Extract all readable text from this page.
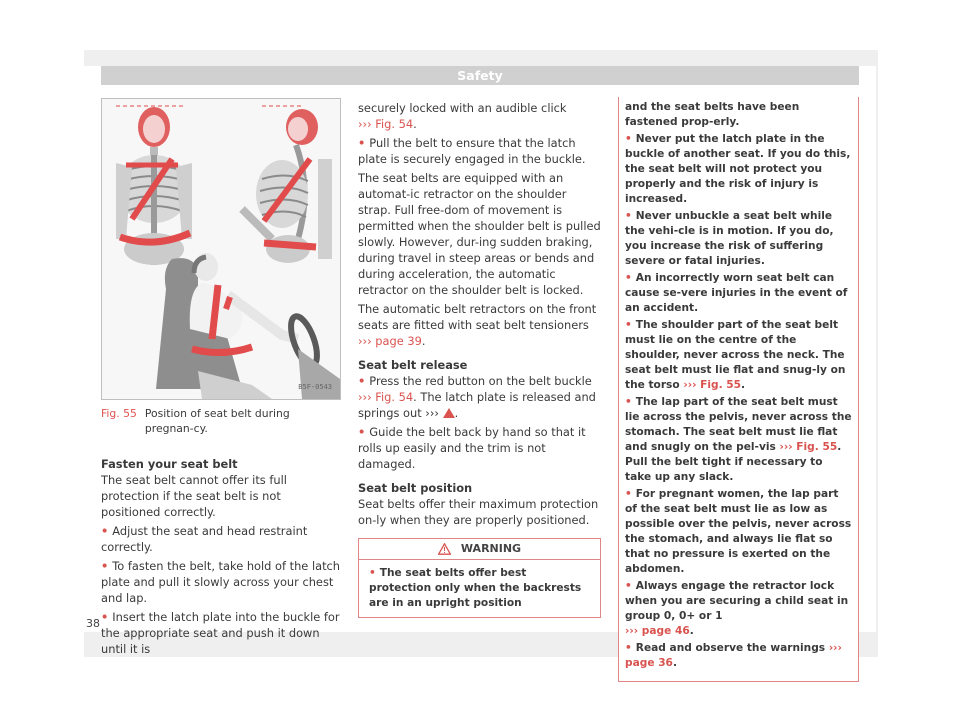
Safety
B5F-0543
Fig. 55 Position of seat belt during pregnan-cy.
Fasten your seat belt

The seat belt cannot offer its full protection if the seat belt is not positioned correctly.

• Adjust the seat and head restraint correctly.

• To fasten the belt, take hold of the latch plate and pull it slowly across your chest and lap.

• Insert the latch plate into the buckle for the appropriate seat and push it down until it is

securely locked with an audible click
››› Fig. 54.

• Pull the belt to ensure that the latch plate is securely engaged in the buckle.

The seat belts are equipped with an automat-ic retractor on the shoulder strap. Full free-dom of movement is permitted when the shoulder belt is pulled slowly. However, dur-ing sudden braking, during travel in steep areas or bends and during acceleration, the automatic retractor on the shoulder belt is locked.

The automatic belt retractors on the front seats are fitted with seat belt tensioners
››› page 39.

Seat belt release

• Press the red button on the belt buckle
››› Fig. 54. The latch plate is released and springs out ››› .

• Guide the belt back by hand so that it rolls up easily and the trim is not damaged.

Seat belt position

Seat belts offer their maximum protection on-ly when they are properly positioned.

WARNING
• The seat belts offer best protection only when the backrests are in an upright position
and the seat belts have been fastened prop-erly.
• Never put the latch plate in the buckle of another seat. If you do this, the seat belt will not protect you properly and the risk of injury is increased.
• Never unbuckle a seat belt while the vehi-cle is in motion. If you do, you increase the risk of suffering severe or fatal injuries.
• An incorrectly worn seat belt can cause se-vere injuries in the event of an accident.
• The shoulder part of the seat belt must lie on the centre of the shoulder, never across the neck. The seat belt must lie flat and snug-ly on the torso ››› Fig. 55.
• The lap part of the seat belt must lie across the pelvis, never across the stomach. The seat belt must lie flat and snugly on the pel-vis ››› Fig. 55. Pull the belt tight if necessary to take up any slack.
• For pregnant women, the lap part of the seat belt must lie as low as possible over the pelvis, never across the stomach, and always lie flat so that no pressure is exerted on the abdomen.
• Always engage the retractor lock when you are securing a child seat in group 0, 0+ or 1
››› page 46.
• Read and observe the warnings ››› page 36.
38
